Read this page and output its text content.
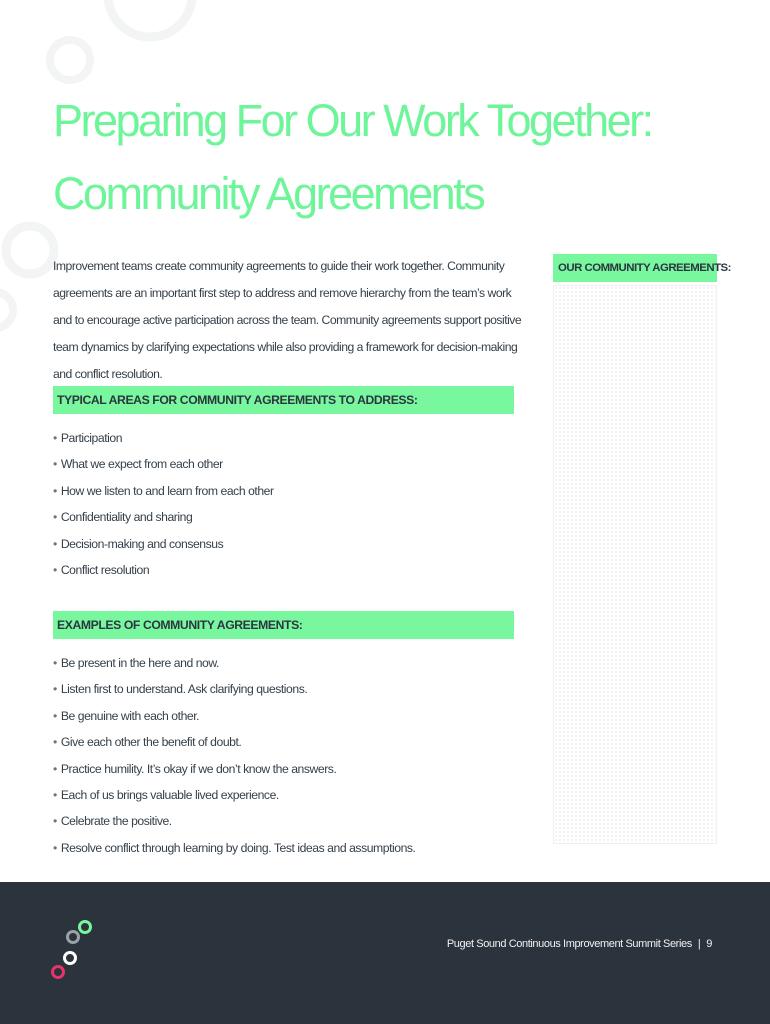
Preparing For Our Work Together:
Community Agreements

Improvement teams create community agreements to guide their work together. Community agreements are an important first step to address and remove hierarchy from the team’s work and to encourage active participation across the team. Community agreements support positive team dynamics by clarifying expectations while also providing a framework for decision-making and conflict resolution.

TYPICAL AREAS FOR COMMUNITY AGREEMENTS TO ADDRESS:
• Participation
• What we expect from each other
• How we listen to and learn from each other
• Confidentiality and sharing
• Decision-making and consensus
• Conflict resolution
EXAMPLES OF COMMUNITY AGREEMENTS:
• Be present in the here and now.
• Listen first to understand. Ask clarifying questions.
• Be genuine with each other.
• Give each other the benefit of doubt.
• Practice humility. It’s okay if we don’t know the answers.
• Each of us brings valuable lived experience.
• Celebrate the positive.
• Resolve conflict through learning by doing. Test ideas and assumptions.
OUR COMMUNITY AGREEMENTS:
Puget Sound Continuous Improvement Summit Series | 9
